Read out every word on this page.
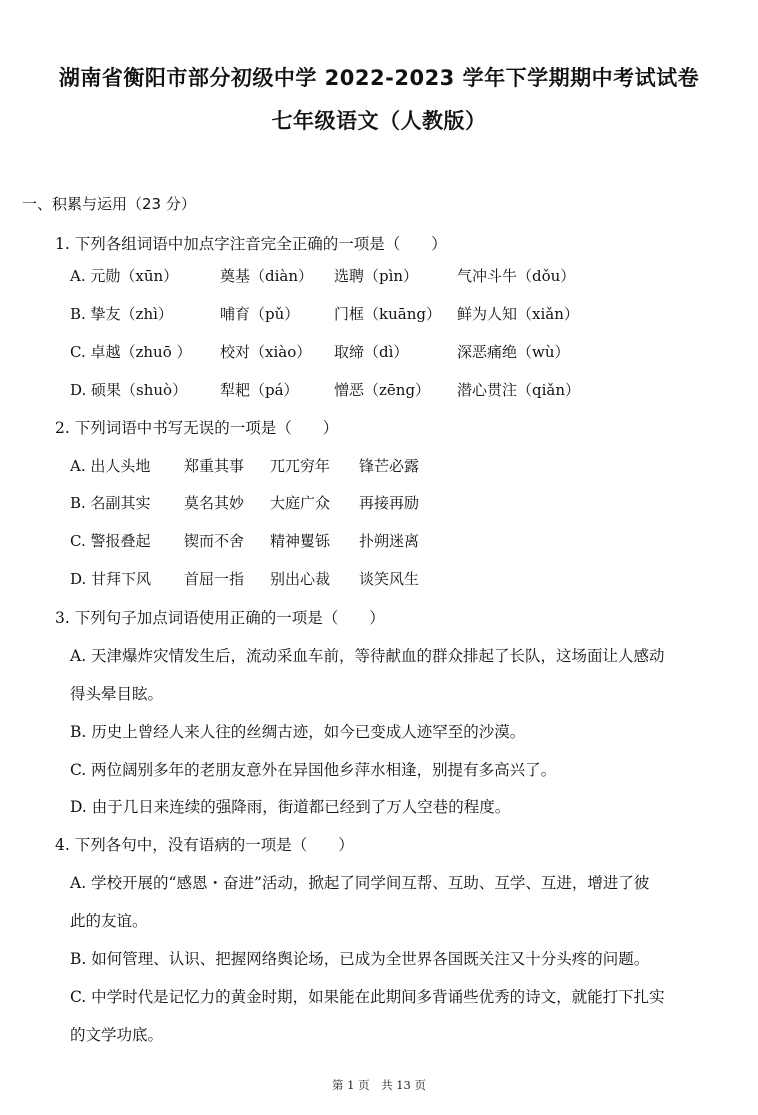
湖南省衡阳市部分初级中学 2022-2023 学年下学期期中考试试卷
七年级语文（人教版）
一、积累与运用（23 分）
1. 下列各组词语中加点字注音完全正确的一项是（　　）
A. 元勋（xūn）	奠基（diàn） 选聘（pìn）	气冲斗牛（dǒu）
B. 挚友（zhì）	哺育（pǔ） 门框（kuāng） 鲜为人知（xiǎn）
C. 卓越（zhuō ） 校对（xiào） 取缔（dì）	深恶痛绝（wù）
D. 硕果（shuò） 犁耙（pá） 憎恶（zēng） 潜心贯注（qiǎn）
2. 下列词语中书写无误的一项是（　　）
A. 出人头地 郑重其事 兀兀穷年 锋芒必露
B. 名副其实 莫名其妙 大庭广众 再接再励
C. 警报叠起 锲而不舍 精神矍铄 扑朔迷离
D. 甘拜下风 首屈一指 别出心裁 谈笑风生
3. 下列句子加点词语使用正确的一项是（　　）
A. 天津爆炸灾情发生后，流动采血车前，等待献血的群众排起了长队，这场面让人感动
得头晕目眩。
B. 历史上曾经人来人往的丝绸古迹，如今已变成人迹罕至的沙漠。
C. 两位阔别多年的老朋友意外在异国他乡萍水相逢，别提有多高兴了。
D. 由于几日来连续的强降雨，街道都已经到了万人空巷的程度。
4. 下列各句中，没有语病的一项是（　　）
A. 学校开展的“感恩・奋进”活动，掀起了同学间互帮、互助、互学、互进，增进了彼
此的友谊。
B. 如何管理、认识、把握网络舆论场，已成为全世界各国既关注又十分头疼的问题。
C. 中学时代是记忆力的黄金时期，如果能在此期间多背诵些优秀的诗文，就能打下扎实
的文学功底。
第 1 页　共 13 页
